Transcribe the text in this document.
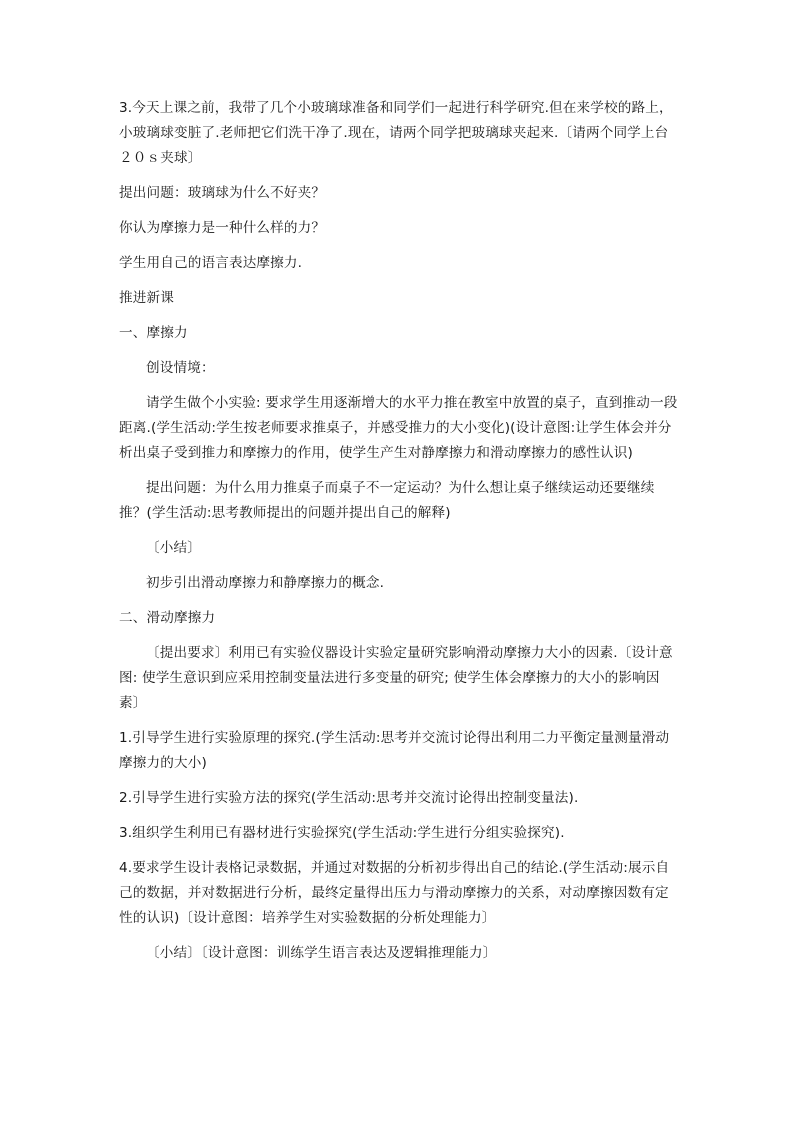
3.今天上课之前，我带了几个小玻璃球准备和同学们一起进行科学研究.但在来学校的路上，小玻璃球变脏了.老师把它们洗干净了.现在，请两个同学把玻璃球夹起来.〔请两个同学上台２０ｓ夹球〕

提出问题：玻璃球为什么不好夹？

你认为摩擦力是一种什么样的力？

学生用自己的语言表达摩擦力.

推进新课

一、摩擦力

创设情境：

请学生做个小实验: 要求学生用逐渐增大的水平力推在教室中放置的桌子，直到推动一段距离.(学生活动:学生按老师要求推桌子，并感受推力的大小变化)(设计意图:让学生体会并分析出桌子受到推力和摩擦力的作用，使学生产生对静摩擦力和滑动摩擦力的感性认识)

提出问题：为什么用力推桌子而桌子不一定运动？为什么想让桌子继续运动还要继续推？(学生活动:思考教师提出的问题并提出自己的解释)

〔小结〕

初步引出滑动摩擦力和静摩擦力的概念.

二、滑动摩擦力

〔提出要求〕利用已有实验仪器设计实验定量研究影响滑动摩擦力大小的因素.〔设计意图: 使学生意识到应采用控制变量法进行多变量的研究; 使学生体会摩擦力的大小的影响因素〕

1.引导学生进行实验原理的探究.(学生活动:思考并交流讨论得出利用二力平衡定量测量滑动摩擦力的大小)

2.引导学生进行实验方法的探究(学生活动:思考并交流讨论得出控制变量法).

3.组织学生利用已有器材进行实验探究(学生活动:学生进行分组实验探究).

4.要求学生设计表格记录数据，并通过对数据的分析初步得出自己的结论.(学生活动:展示自己的数据，并对数据进行分析，最终定量得出压力与滑动摩擦力的关系，对动摩擦因数有定性的认识)〔设计意图：培养学生对实验数据的分析处理能力〕

〔小结〕〔设计意图：训练学生语言表达及逻辑推理能力〕
